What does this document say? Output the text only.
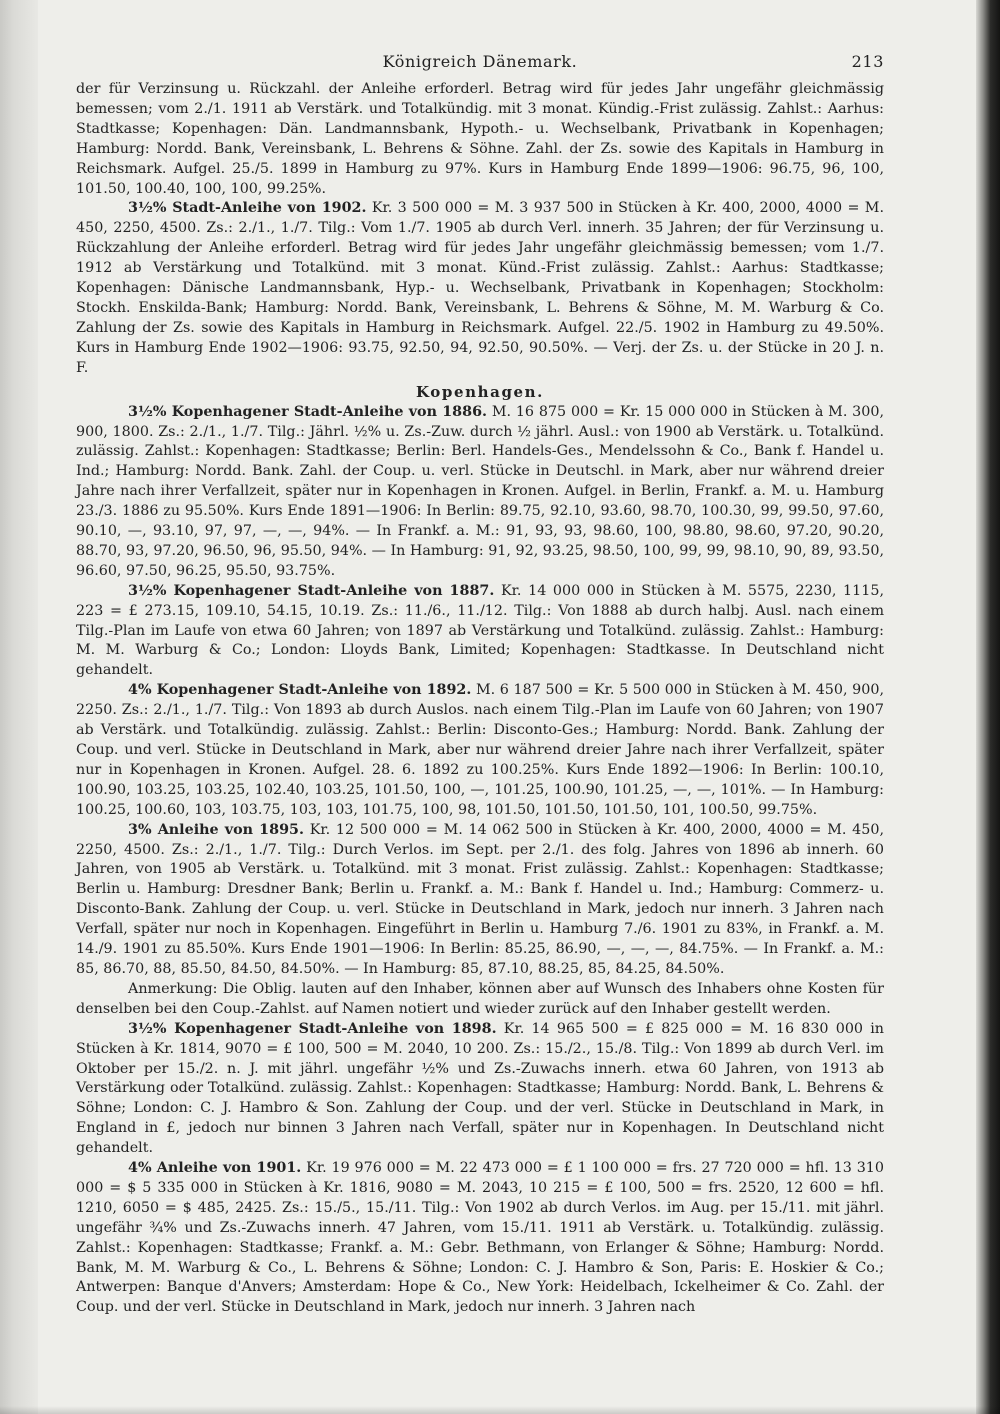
Königreich Dänemark.	213

der für Verzinsung u. Rückzahl. der Anleihe erforderl. Betrag wird für jedes Jahr ungefähr gleichmässig bemessen; vom 2./1. 1911 ab Verstärk. und Totalkündig. mit 3 monat. Kündig.-Frist zulässig. Zahlst.: Aarhus: Stadtkasse; Kopenhagen: Dän. Landmannsbank, Hypoth.- u. Wechselbank, Privatbank in Kopenhagen; Hamburg: Nordd. Bank, Vereinsbank, L. Behrens & Söhne. Zahl. der Zs. sowie des Kapitals in Hamburg in Reichsmark. Aufgel. 25./5. 1899 in Hamburg zu 97%. Kurs in Hamburg Ende 1899—1906: 96.75, 96, 100, 101.50, 100.40, 100, 100, 99.25%.

3½% Stadt-Anleihe von 1902. Kr. 3 500 000 = M. 3 937 500 in Stücken à Kr. 400, 2000, 4000 = M. 450, 2250, 4500. Zs.: 2./1., 1./7. Tilg.: Vom 1./7. 1905 ab durch Verl. innerh. 35 Jahren; der für Verzinsung u. Rückzahlung der Anleihe erforderl. Betrag wird für jedes Jahr ungefähr gleichmässig bemessen; vom 1./7. 1912 ab Verstärkung und Totalkünd. mit 3 monat. Künd.-Frist zulässig. Zahlst.: Aarhus: Stadtkasse; Kopenhagen: Dänische Landmannsbank, Hyp.- u. Wechselbank, Privatbank in Kopenhagen; Stockholm: Stockh. Enskilda-Bank; Hamburg: Nordd. Bank, Vereinsbank, L. Behrens & Söhne, M. M. Warburg & Co. Zahlung der Zs. sowie des Kapitals in Hamburg in Reichsmark. Aufgel. 22./5. 1902 in Hamburg zu 49.50%. Kurs in Hamburg Ende 1902—1906: 93.75, 92.50, 94, 92.50, 90.50%. — Verj. der Zs. u. der Stücke in 20 J. n. F.

Kopenhagen.

3½% Kopenhagener Stadt-Anleihe von 1886. M. 16 875 000 = Kr. 15 000 000 in Stücken à M. 300, 900, 1800. Zs.: 2./1., 1./7. Tilg.: Jährl. ½% u. Zs.-Zuw. durch ½ jährl. Ausl.: von 1900 ab Verstärk. u. Totalkünd. zulässig. Zahlst.: Kopenhagen: Stadtkasse; Berlin: Berl. Handels-Ges., Mendelssohn & Co., Bank f. Handel u. Ind.; Hamburg: Nordd. Bank. Zahl. der Coup. u. verl. Stücke in Deutschl. in Mark, aber nur während dreier Jahre nach ihrer Verfallzeit, später nur in Kopenhagen in Kronen. Aufgel. in Berlin, Frankf. a. M. u. Hamburg 23./3. 1886 zu 95.50%. Kurs Ende 1891—1906: In Berlin: 89.75, 92.10, 93.60, 98.70, 100.30, 99, 99.50, 97.60, 90.10, —, 93.10, 97, 97, —, —, 94%. — In Frankf. a. M.: 91, 93, 93, 98.60, 100, 98.80, 98.60, 97.20, 90.20, 88.70, 93, 97.20, 96.50, 96, 95.50, 94%. — In Hamburg: 91, 92, 93.25, 98.50, 100, 99, 99, 98.10, 90, 89, 93.50, 96.60, 97.50, 96.25, 95.50, 93.75%.

3½% Kopenhagener Stadt-Anleihe von 1887. Kr. 14 000 000 in Stücken à M. 5575, 2230, 1115, 223 = £ 273.15, 109.10, 54.15, 10.19. Zs.: 11./6., 11./12. Tilg.: Von 1888 ab durch halbj. Ausl. nach einem Tilg.-Plan im Laufe von etwa 60 Jahren; von 1897 ab Verstärkung und Totalkünd. zulässig. Zahlst.: Hamburg: M. M. Warburg & Co.; London: Lloyds Bank, Limited; Kopenhagen: Stadtkasse. In Deutschland nicht gehandelt.

4% Kopenhagener Stadt-Anleihe von 1892. M. 6 187 500 = Kr. 5 500 000 in Stücken à M. 450, 900, 2250. Zs.: 2./1., 1./7. Tilg.: Von 1893 ab durch Auslos. nach einem Tilg.-Plan im Laufe von 60 Jahren; von 1907 ab Verstärk. und Totalkündig. zulässig. Zahlst.: Berlin: Disconto-Ges.; Hamburg: Nordd. Bank. Zahlung der Coup. und verl. Stücke in Deutschland in Mark, aber nur während dreier Jahre nach ihrer Verfallzeit, später nur in Kopenhagen in Kronen. Aufgel. 28. 6. 1892 zu 100.25%. Kurs Ende 1892—1906: In Berlin: 100.10, 100.90, 103.25, 103.25, 102.40, 103.25, 101.50, 100, —, 101.25, 100.90, 101.25, —, —, 101%. — In Hamburg: 100.25, 100.60, 103, 103.75, 103, 103, 101.75, 100, 98, 101.50, 101.50, 101.50, 101, 100.50, 99.75%.

3% Anleihe von 1895. Kr. 12 500 000 = M. 14 062 500 in Stücken à Kr. 400, 2000, 4000 = M. 450, 2250, 4500. Zs.: 2./1., 1./7. Tilg.: Durch Verlos. im Sept. per 2./1. des folg. Jahres von 1896 ab innerh. 60 Jahren, von 1905 ab Verstärk. u. Totalkünd. mit 3 monat. Frist zulässig. Zahlst.: Kopenhagen: Stadtkasse; Berlin u. Hamburg: Dresdner Bank; Berlin u. Frankf. a. M.: Bank f. Handel u. Ind.; Hamburg: Commerz- u. Disconto-Bank. Zahlung der Coup. u. verl. Stücke in Deutschland in Mark, jedoch nur innerh. 3 Jahren nach Verfall, später nur noch in Kopenhagen. Eingeführt in Berlin u. Hamburg 7./6. 1901 zu 83%, in Frankf. a. M. 14./9. 1901 zu 85.50%. Kurs Ende 1901—1906: In Berlin: 85.25, 86.90, —, —, —, 84.75%. — In Frankf. a. M.: 85, 86.70, 88, 85.50, 84.50, 84.50%. — In Hamburg: 85, 87.10, 88.25, 85, 84.25, 84.50%.

Anmerkung: Die Oblig. lauten auf den Inhaber, können aber auf Wunsch des Inhabers ohne Kosten für denselben bei den Coup.-Zahlst. auf Namen notiert und wieder zurück auf den Inhaber gestellt werden.

3½% Kopenhagener Stadt-Anleihe von 1898. Kr. 14 965 500 = £ 825 000 = M. 16 830 000 in Stücken à Kr. 1814, 9070 = £ 100, 500 = M. 2040, 10 200. Zs.: 15./2., 15./8. Tilg.: Von 1899 ab durch Verl. im Oktober per 15./2. n. J. mit jährl. ungefähr ½% und Zs.-Zuwachs innerh. etwa 60 Jahren, von 1913 ab Verstärkung oder Totalkünd. zulässig. Zahlst.: Kopenhagen: Stadtkasse; Hamburg: Nordd. Bank, L. Behrens & Söhne; London: C. J. Hambro & Son. Zahlung der Coup. und der verl. Stücke in Deutschland in Mark, in England in £, jedoch nur binnen 3 Jahren nach Verfall, später nur in Kopenhagen. In Deutschland nicht gehandelt.

4% Anleihe von 1901. Kr. 19 976 000 = M. 22 473 000 = £ 1 100 000 = frs. 27 720 000 = hfl. 13 310 000 = $ 5 335 000 in Stücken à Kr. 1816, 9080 = M. 2043, 10 215 = £ 100, 500 = frs. 2520, 12 600 = hfl. 1210, 6050 = $ 485, 2425. Zs.: 15./5., 15./11. Tilg.: Von 1902 ab durch Verlos. im Aug. per 15./11. mit jährl. ungefähr ¾% und Zs.-Zuwachs innerh. 47 Jahren, vom 15./11. 1911 ab Verstärk. u. Totalkündig. zulässig. Zahlst.: Kopenhagen: Stadtkasse; Frankf. a. M.: Gebr. Bethmann, von Erlanger & Söhne; Hamburg: Nordd. Bank, M. M. Warburg & Co., L. Behrens & Söhne; London: C. J. Hambro & Son, Paris: E. Hoskier & Co.; Antwerpen: Banque d'Anvers; Amsterdam: Hope & Co., New York: Heidelbach, Ickelheimer & Co. Zahl. der Coup. und der verl. Stücke in Deutschland in Mark, jedoch nur innerh. 3 Jahren nach
